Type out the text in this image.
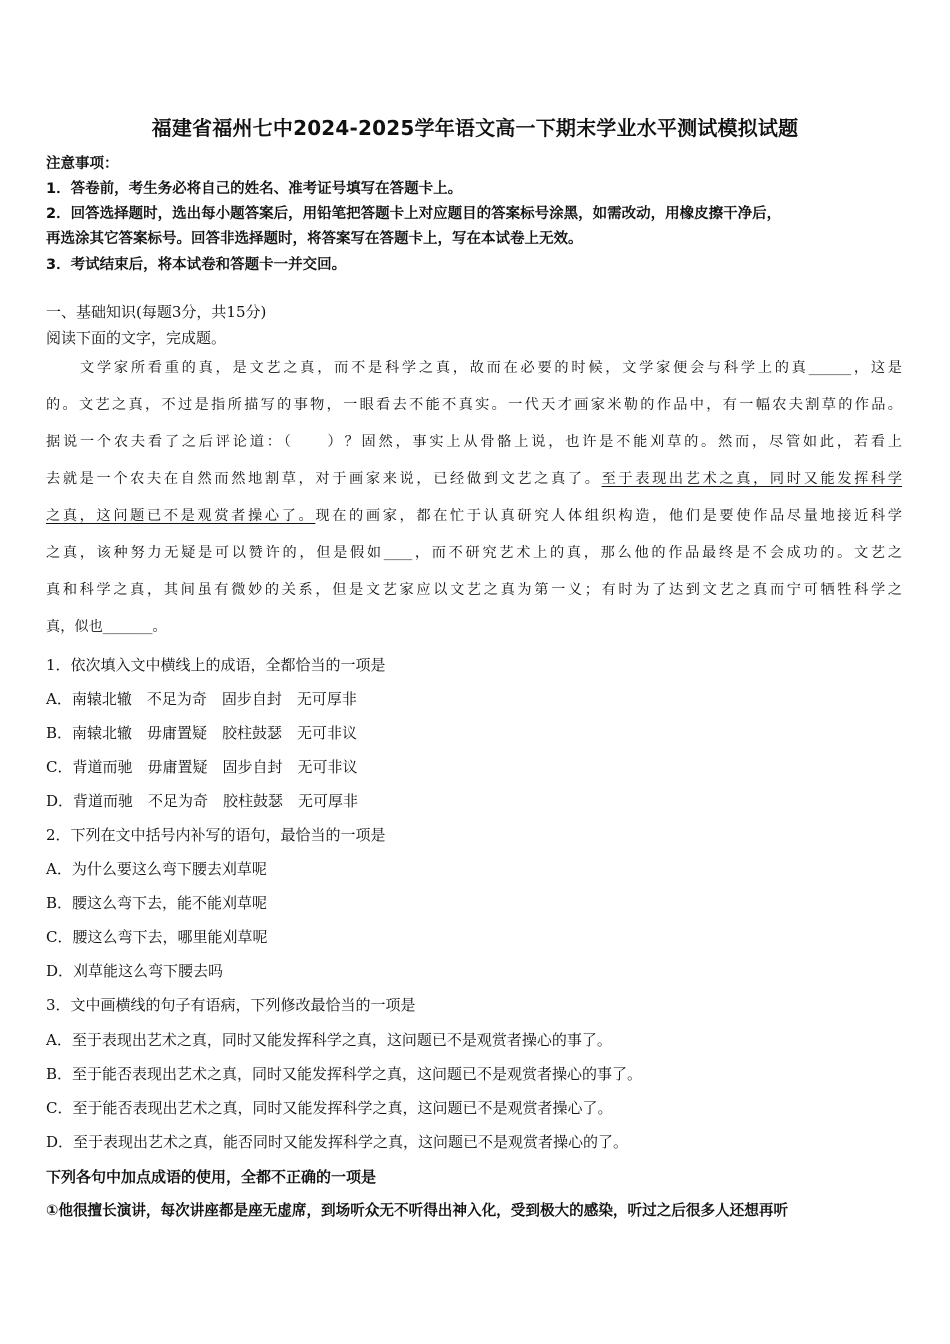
福建省福州七中2024-2025学年语文高一下期末学业水平测试模拟试题
注意事项：
1．答卷前，考生务必将自己的姓名、准考证号填写在答题卡上。
2．回答选择题时，选出每小题答案后，用铅笔把答题卡上对应题目的答案标号涂黑，如需改动，用橡皮擦干净后，
再选涂其它答案标号。回答非选择题时，将答案写在答题卡上，写在本试卷上无效。
3．考试结束后，将本试卷和答题卡一并交回。
一、基础知识(每题3分，共15分)
阅读下面的文字，完成题。
文学家所看重的真，是文艺之真，而不是科学之真，故而在必要的时候，文学家便会与科学上的真______，这是
的。文艺之真，不过是指所描写的事物，一眼看去不能不真实。一代天才画家米勒的作品中，有一幅农夫割草的作品。
据说一个农夫看了之后评论道：（　　）？固然，事实上从骨骼上说，也许是不能刈草的。然而，尽管如此，若看上
去就是一个农夫在自然而然地割草，对于画家来说，已经做到文艺之真了。至于表现出艺术之真，同时又能发挥科学
之真，这问题已不是观赏者操心了。现在的画家，都在忙于认真研究人体组织构造，他们是要使作品尽量地接近科学
之真，该种努力无疑是可以赞许的，但是假如____，而不研究艺术上的真，那么他的作品最终是不会成功的。文艺之
真和科学之真，其间虽有微妙的关系，但是文艺家应以文艺之真为第一义；有时为了达到文艺之真而宁可牺牲科学之
真，似也_______。
1．依次填入文中横线上的成语，全都恰当的一项是
A．南辕北辙　不足为奇　固步自封　无可厚非
B．南辕北辙　毋庸置疑　胶柱鼓瑟　无可非议
C．背道而驰　毋庸置疑　固步自封　无可非议
D．背道而驰　不足为奇　胶柱鼓瑟　无可厚非
2．下列在文中括号内补写的语句，最恰当的一项是
A．为什么要这么弯下腰去刈草呢
B．腰这么弯下去，能不能刈草呢
C．腰这么弯下去，哪里能刈草呢
D．刈草能这么弯下腰去吗
3．文中画横线的句子有语病，下列修改最恰当的一项是
A．至于表现出艺术之真，同时又能发挥科学之真，这问题已不是观赏者操心的事了。
B．至于能否表现出艺术之真，同时又能发挥科学之真，这问题已不是观赏者操心的事了。
C．至于能否表现出艺术之真，同时又能发挥科学之真，这问题已不是观赏者操心了。
D．至于表现出艺术之真，能否同时又能发挥科学之真，这问题已不是观赏者操心的了。
下列各句中加点成语的使用，全都不正确的一项是
①他很擅长演讲，每次讲座都是座无虚席，到场听众无不听得出神入化，受到极大的感染，听过之后很多人还想再听
